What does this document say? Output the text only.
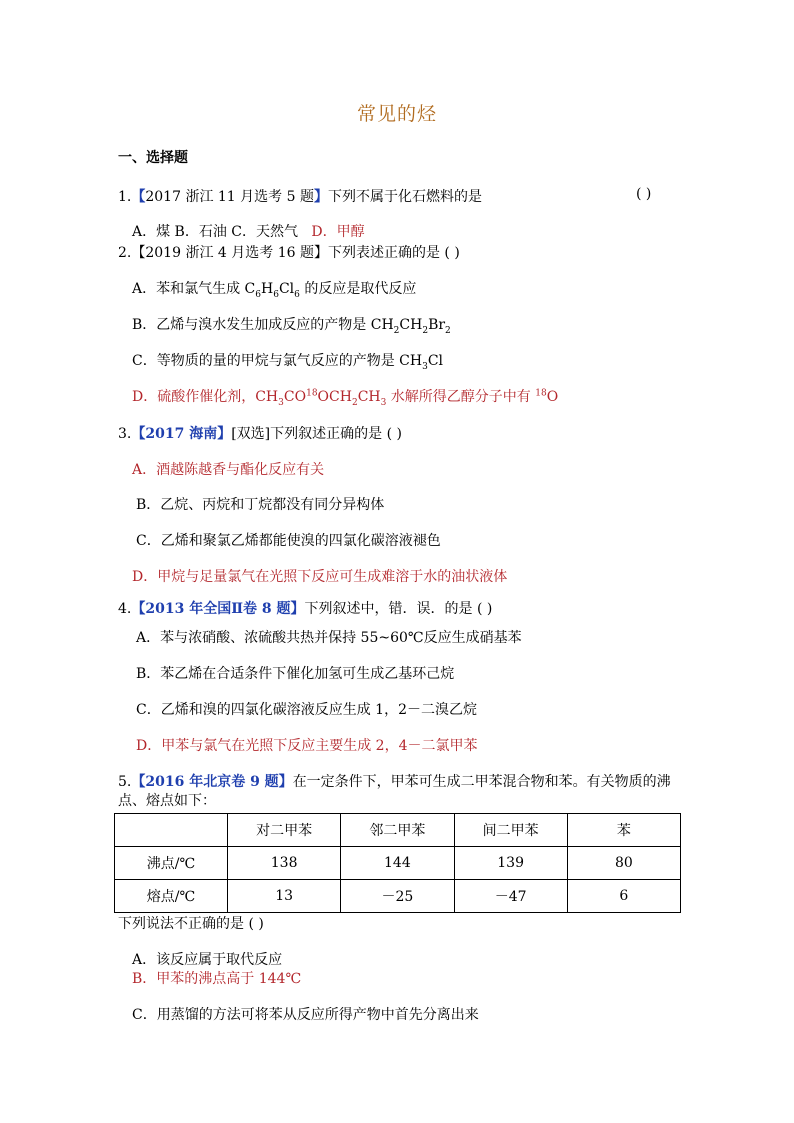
常见的烃
一、选择题
1.【2017 浙江 11 月选考 5 题】下列不属于化石燃料的是	( )
A．煤 B．石油 C．天然气 D．甲醇
2.【2019 浙江 4 月选考 16 题】下列表述正确的是 ( )
A．苯和氯气生成 $C_6H_6Cl_6$ 的反应是取代反应
B．乙烯与溴水发生加成反应的产物是 $CH_2CH_2Br_2$
C．等物质的量的甲烷与氯气反应的产物是 $CH_3Cl$
D．硫酸作催化剂，$CH_3CO^{18}OCH_2CH_3$ 水解所得乙醇分子中有 $^{18}$O
3.【2017 海南】[双选]下列叙述正确的是 ( )
A．酒越陈越香与酯化反应有关
B．乙烷、丙烷和丁烷都没有同分异构体
C．乙烯和聚氯乙烯都能使溴的四氯化碳溶液褪色
D．甲烷与足量氯气在光照下反应可生成难溶于水的油状液体
4.【2013 年全国Ⅱ卷 8 题】下列叙述中，错．误．的是 ( )
A．苯与浓硝酸、浓硫酸共热并保持 55~60℃反应生成硝基苯
B．苯乙烯在合适条件下催化加氢可生成乙基环己烷
C．乙烯和溴的四氯化碳溶液反应生成 1，2－二溴乙烷
D．甲苯与氯气在光照下反应主要生成 2，4－二氯甲苯
5.【2016 年北京卷 9 题】在一定条件下，甲苯可生成二甲苯混合物和苯。有关物质的沸
点、熔点如下：
	对二甲苯	邻二甲苯	间二甲苯	苯
沸点/℃	138	144	139	80
熔点/℃	13	－25	－47	6
下列说法不正确的是 ( )
A．该反应属于取代反应
B．甲苯的沸点高于 144℃
C．用蒸馏的方法可将苯从反应所得产物中首先分离出来
